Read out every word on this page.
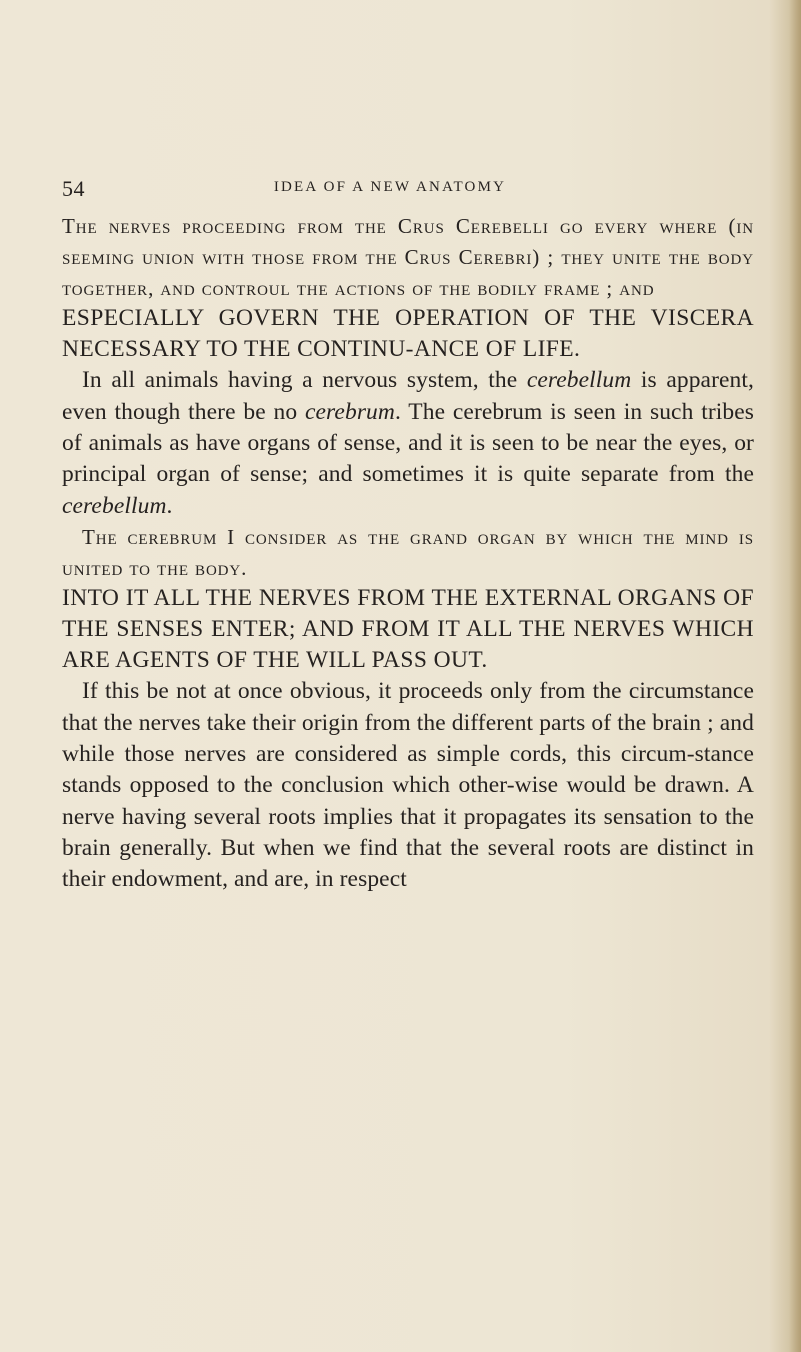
54	IDEA OF A NEW ANATOMY

The nerves proceeding from the Crus Cerebelli go every where (in seeming union with those from the Crus Cerebri) ; they unite the body together, and controul the actions of the bodily frame ; and

ESPECIALLY GOVERN THE OPERATION OF THE VISCERA NECESSARY TO THE CONTINU-ANCE OF LIFE.

In all animals having a nervous system, the cerebellum is apparent, even though there be no cerebrum. The cerebrum is seen in such tribes of animals as have organs of sense, and it is seen to be near the eyes, or principal organ of sense; and sometimes it is quite separate from the cerebellum.

The cerebrum I consider as the grand organ by which the mind is united to the body.

INTO IT ALL THE NERVES FROM THE EXTERNAL ORGANS OF THE SENSES ENTER; AND FROM IT ALL THE NERVES WHICH ARE AGENTS OF THE WILL PASS OUT.

If this be not at once obvious, it proceeds only from the circumstance that the nerves take their origin from the different parts of the brain ; and while those nerves are considered as simple cords, this circum-stance stands opposed to the conclusion which other-wise would be drawn. A nerve having several roots implies that it propagates its sensation to the brain generally. But when we find that the several roots are distinct in their endowment, and are, in respect
